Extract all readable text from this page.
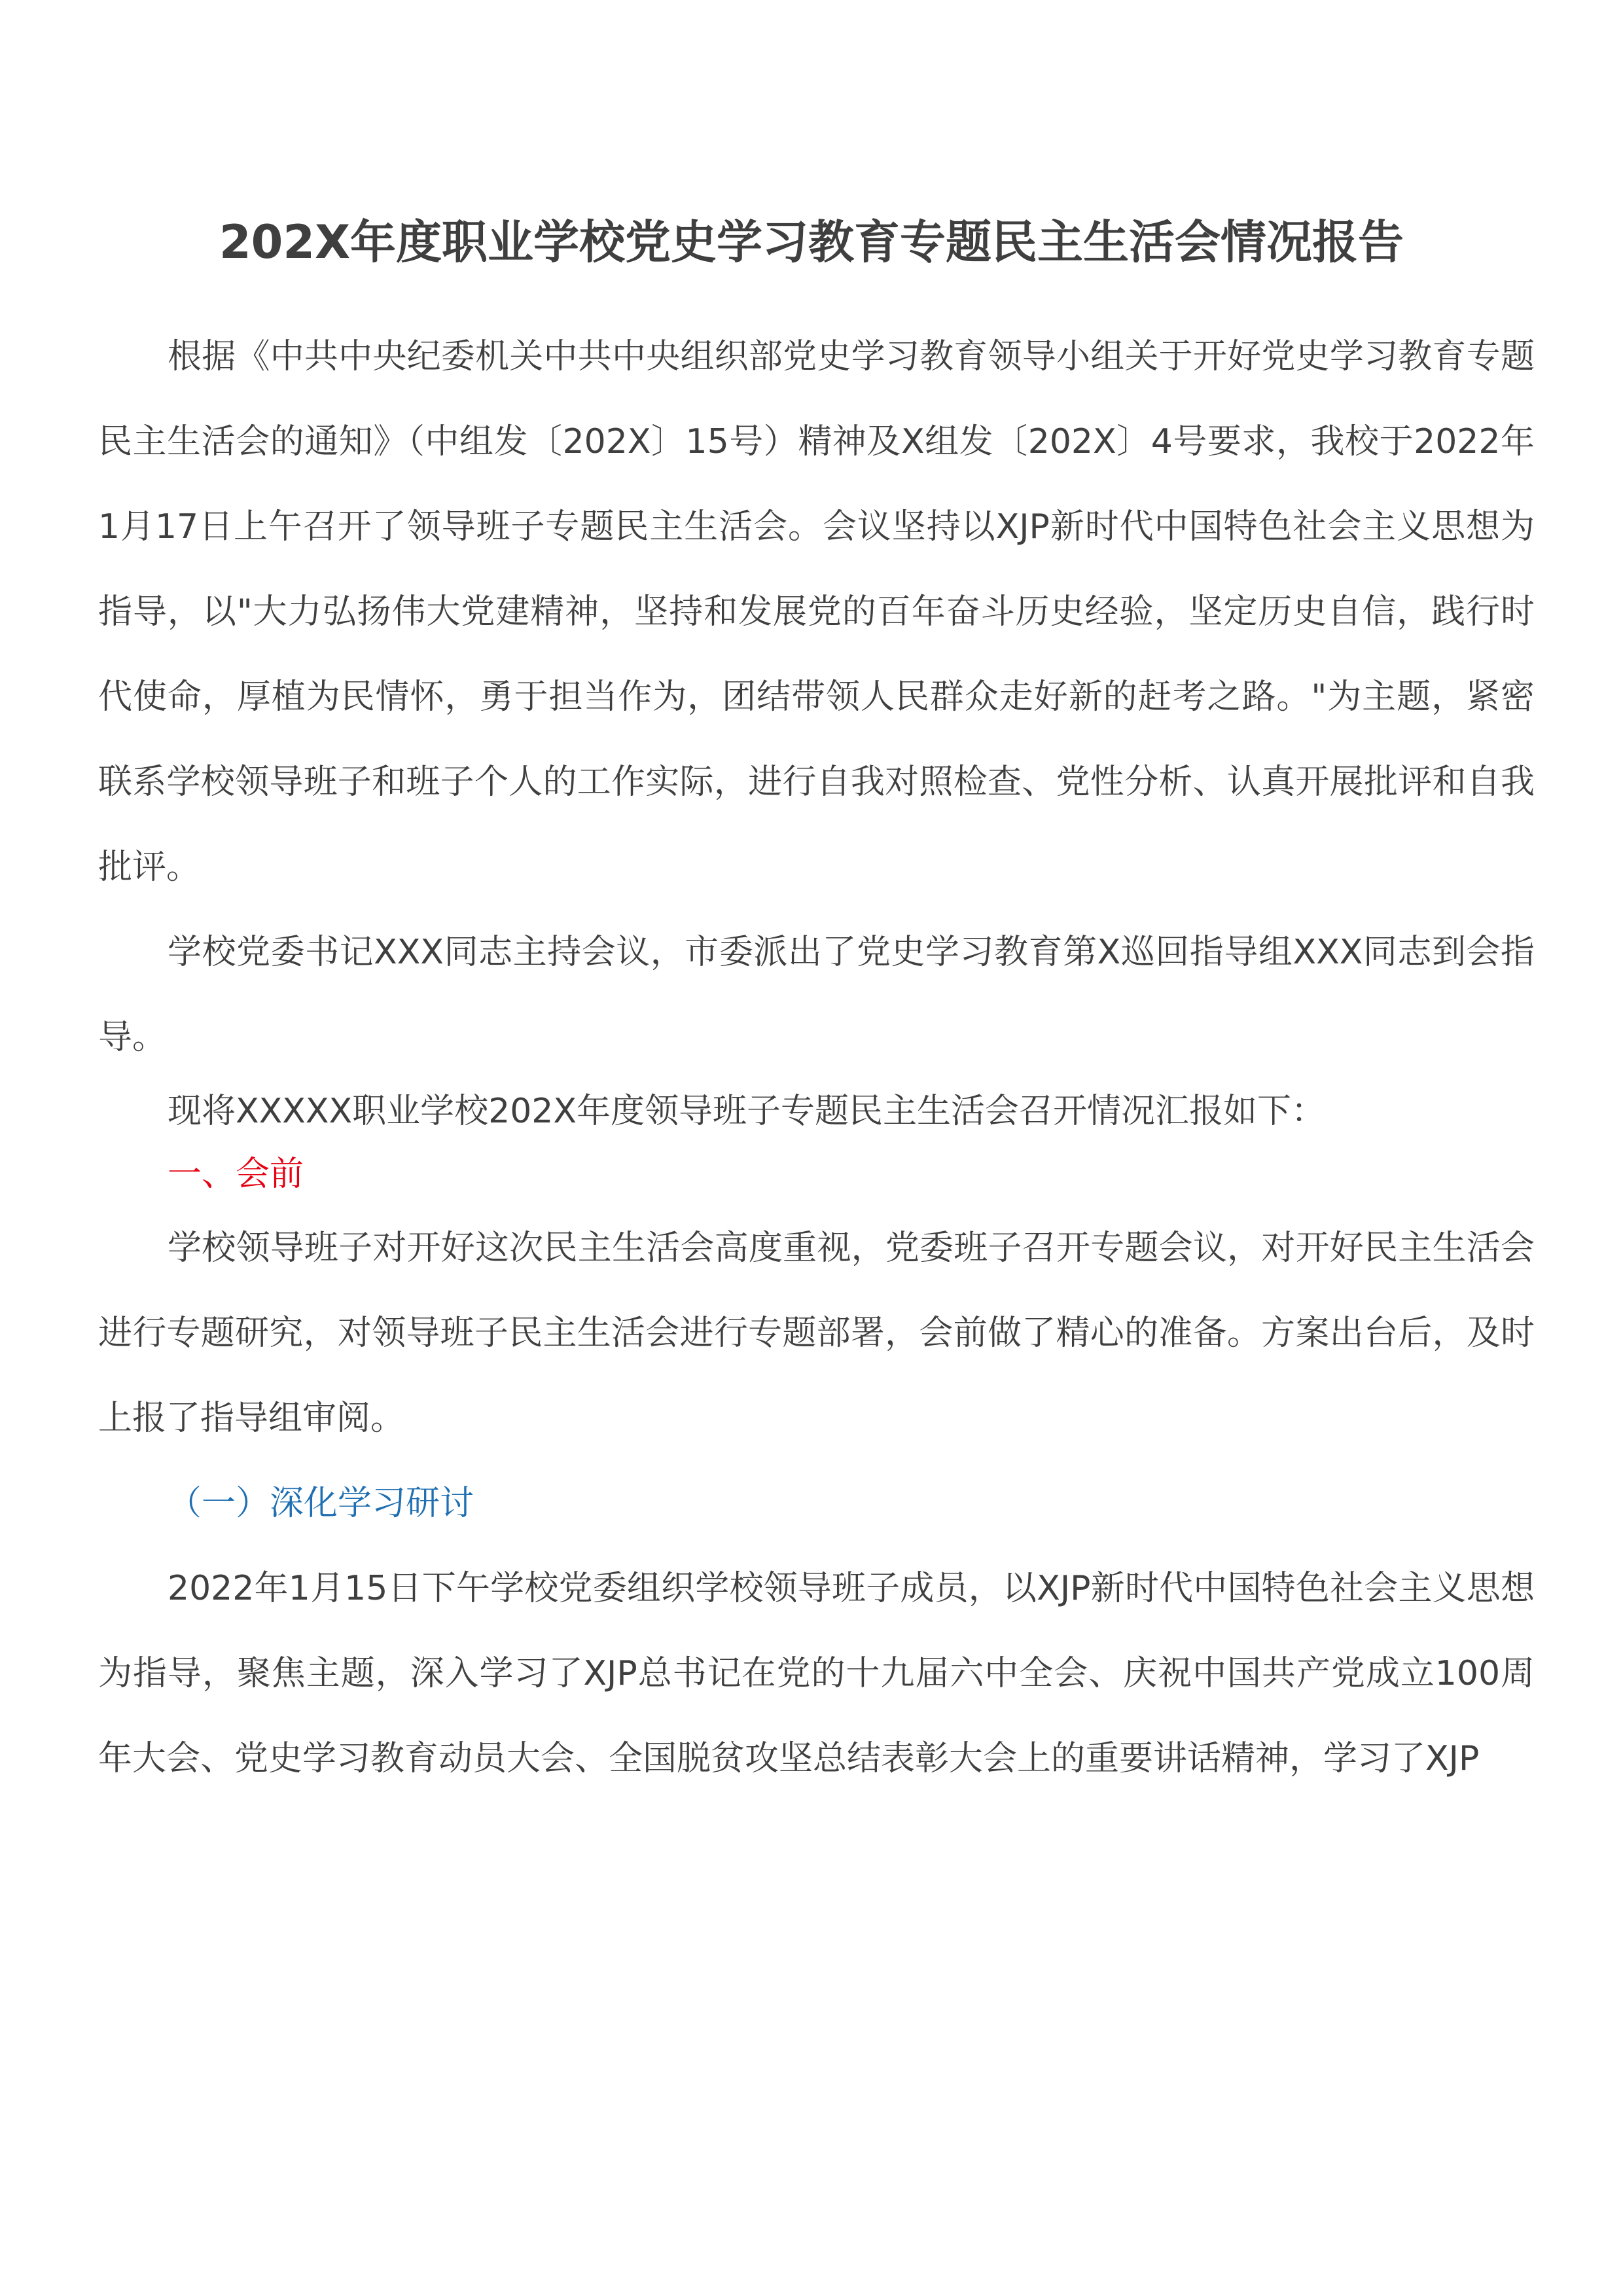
202X年度职业学校党史学习教育专题民主生活会情况报告

根据《中共中央纪委机关中共中央组织部党史学习教育领导小组关于开好党史学习教育专题民主生活会的通知》（中组发〔202X〕15号）精神及X组发〔202X〕4号要求，我校于2022年1月17日上午召开了领导班子专题民主生活会。会议坚持以XJP新时代中国特色社会主义思想为指导，以"大力弘扬伟大党建精神，坚持和发展党的百年奋斗历史经验，坚定历史自信，践行时代使命，厚植为民情怀，勇于担当作为，团结带领人民群众走好新的赶考之路。"为主题，紧密联系学校领导班子和班子个人的工作实际，进行自我对照检查、党性分析、认真开展批评和自我批评。

学校党委书记XXX同志主持会议，市委派出了党史学习教育第X巡回指导组XXX同志到会指导。

现将XXXXX职业学校202X年度领导班子专题民主生活会召开情况汇报如下：

一、会前

学校领导班子对开好这次民主生活会高度重视，党委班子召开专题会议，对开好民主生活会进行专题研究，对领导班子民主生活会进行专题部署，会前做了精心的准备。方案出台后，及时上报了指导组审阅。

（一）深化学习研讨

2022年1月15日下午学校党委组织学校领导班子成员，以XJP新时代中国特色社会主义思想为指导，聚焦主题，深入学习了XJP总书记在党的十九届六中全会、庆祝中国共产党成立100周年大会、党史学习教育动员大会、全国脱贫攻坚总结表彰大会上的重要讲话精神，学习了XJP
